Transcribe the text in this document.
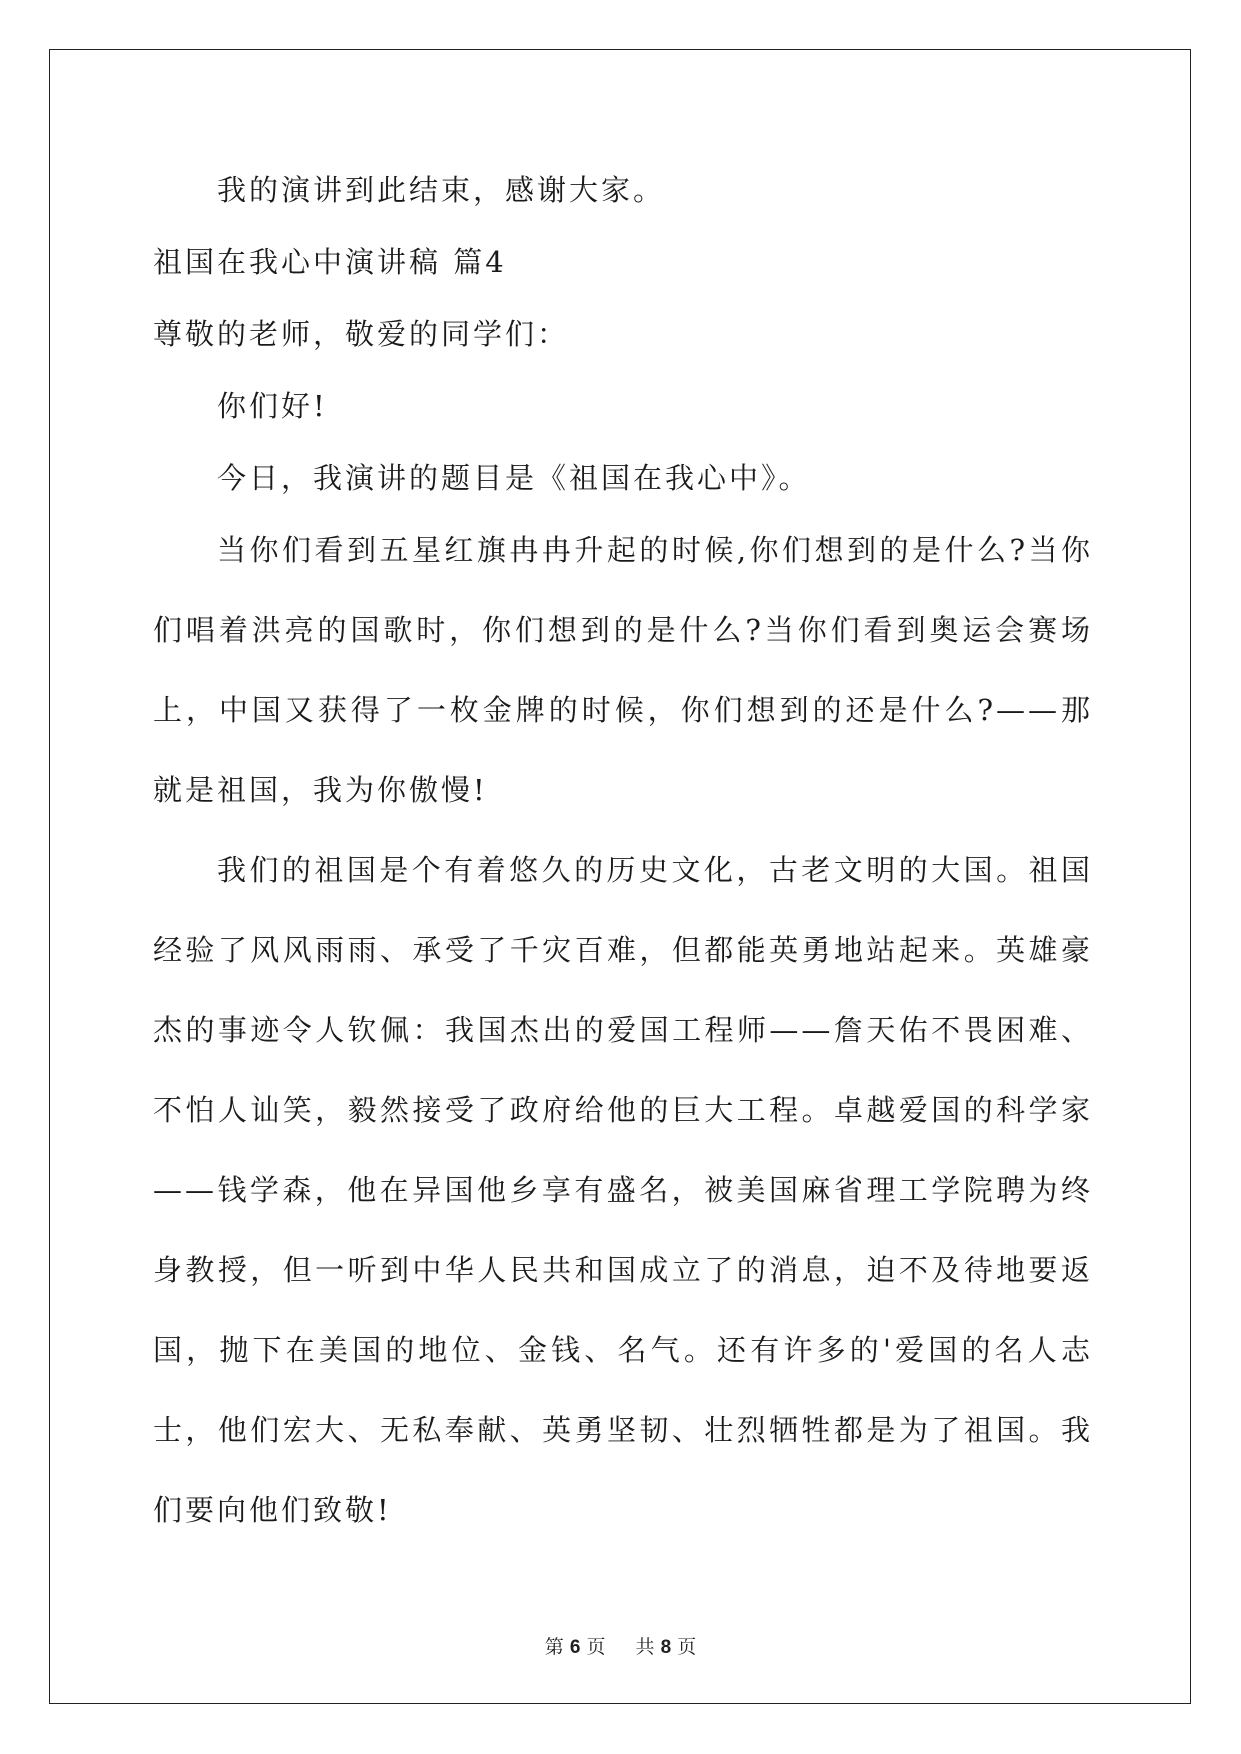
我的演讲到此结束，感谢大家。
祖国在我心中演讲稿 篇4
尊敬的老师，敬爱的同学们：
你们好!
今日，我演讲的题目是《祖国在我心中》。
当你们看到五星红旗冉冉升起的时候,你们想到的是什么?当你们唱着洪亮的国歌时，你们想到的是什么?当你们看到奥运会赛场上，中国又获得了一枚金牌的时候，你们想到的还是什么?——那就是祖国，我为你傲慢!
我们的祖国是个有着悠久的历史文化，古老文明的大国。祖国经验了风风雨雨、承受了千灾百难，但都能英勇地站起来。英雄豪杰的事迹令人钦佩：我国杰出的爱国工程师——詹天佑不畏困难、不怕人讪笑，毅然接受了政府给他的巨大工程。卓越爱国的科学家——钱学森，他在异国他乡享有盛名，被美国麻省理工学院聘为终身教授，但一听到中华人民共和国成立了的消息，迫不及待地要返国，抛下在美国的地位、金钱、名气。还有许多的'爱国的名人志士，他们宏大、无私奉献、英勇坚韧、壮烈牺牲都是为了祖国。我们要向他们致敬!
第 6 页 共 8 页
